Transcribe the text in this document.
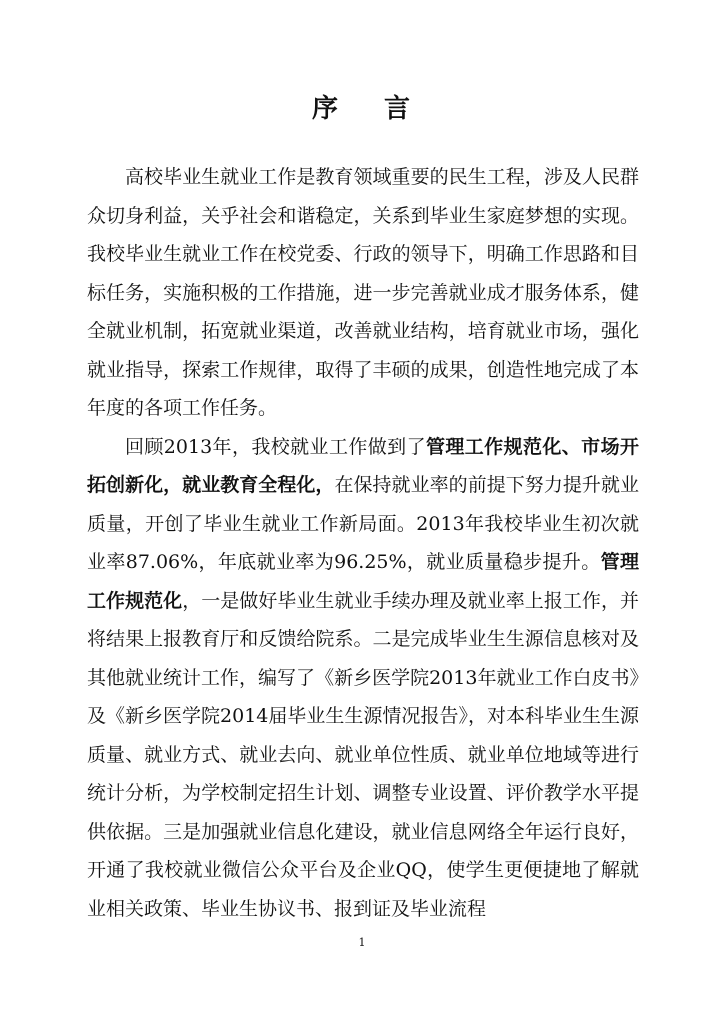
序 言

高校毕业生就业工作是教育领域重要的民生工程，涉及人民群众切身利益，关乎社会和谐稳定，关系到毕业生家庭梦想的实现。我校毕业生就业工作在校党委、行政的领导下，明确工作思路和目标任务，实施积极的工作措施，进一步完善就业成才服务体系，健全就业机制，拓宽就业渠道，改善就业结构，培育就业市场，强化就业指导，探索工作规律，取得了丰硕的成果，创造性地完成了本年度的各项工作任务。

回顾2013年，我校就业工作做到了管理工作规范化、市场开拓创新化，就业教育全程化，在保持就业率的前提下努力提升就业质量，开创了毕业生就业工作新局面。2013年我校毕业生初次就业率87.06%，年底就业率为96.25%，就业质量稳步提升。管理工作规范化，一是做好毕业生就业手续办理及就业率上报工作，并将结果上报教育厅和反馈给院系。二是完成毕业生生源信息核对及其他就业统计工作，编写了《新乡医学院2013年就业工作白皮书》及《新乡医学院2014届毕业生生源情况报告》，对本科毕业生生源质量、就业方式、就业去向、就业单位性质、就业单位地域等进行统计分析，为学校制定招生计划、调整专业设置、评价教学水平提供依据。三是加强就业信息化建设，就业信息网络全年运行良好，开通了我校就业微信公众平台及企业QQ，使学生更便捷地了解就业相关政策、毕业生协议书、报到证及毕业流程

1
